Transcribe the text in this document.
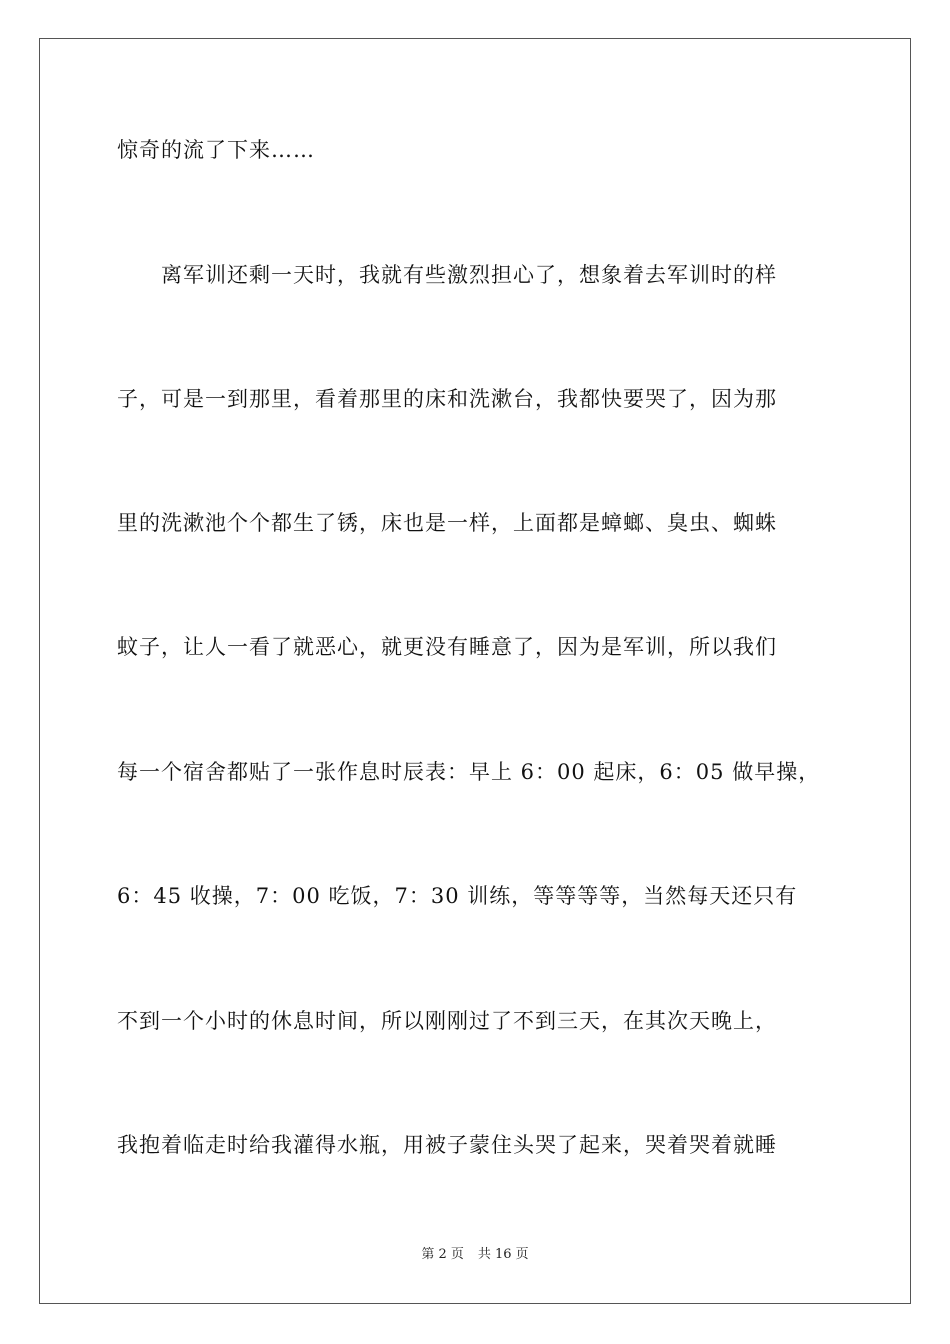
惊奇的流了下来……
　　离军训还剩一天时，我就有些激烈担心了，想象着去军训时的样
子，可是一到那里，看着那里的床和洗漱台，我都快要哭了，因为那
里的洗漱池个个都生了锈，床也是一样，上面都是蟑螂、臭虫、蜘蛛
蚊子，让人一看了就恶心，就更没有睡意了，因为是军训，所以我们
每一个宿舍都贴了一张作息时辰表：早上 6：00 起床，6：05 做早操，
6：45 收操，7：00 吃饭，7：30 训练，等等等等，当然每天还只有
不到一个小时的休息时间，所以刚刚过了不到三天，在其次天晚上，
我抱着临走时给我灌得水瓶，用被子蒙住头哭了起来，哭着哭着就睡
第 2 页 共 16 页
